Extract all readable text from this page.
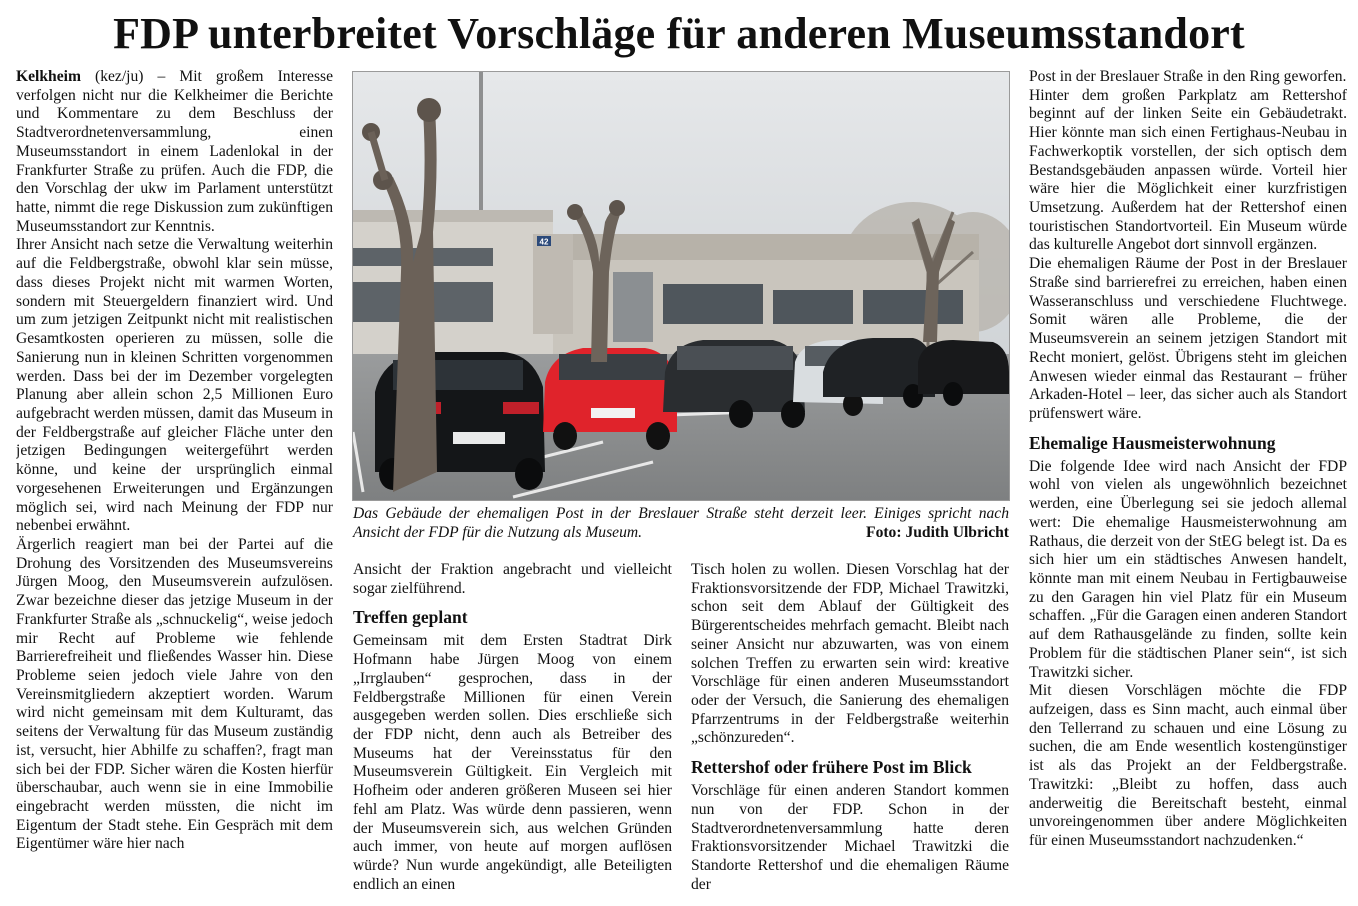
FDP unterbreitet Vorschläge für anderen Museumsstandort

Kelkheim (kez/ju) – Mit großem Interesse verfolgen nicht nur die Kelkheimer die Berichte und Kommentare zu dem Beschluss der Stadtverordnetenversammlung, einen Museumsstandort in einem Ladenlokal in der Frankfurter Straße zu prüfen. Auch die FDP, die den Vorschlag der ukw im Parlament unterstützt hatte, nimmt die rege Diskussion zum zukünftigen Museumsstandort zur Kenntnis.

Ihrer Ansicht nach setze die Verwaltung weiterhin auf die Feldbergstraße, obwohl klar sein müsse, dass dieses Projekt nicht mit warmen Worten, sondern mit Steuergeldern finanziert wird. Und um zum jetzigen Zeitpunkt nicht mit realistischen Gesamtkosten operieren zu müssen, solle die Sanierung nun in kleinen Schritten vorgenommen werden. Dass bei der im Dezember vorgelegten Planung aber allein schon 2,5 Millionen Euro aufgebracht werden müssen, damit das Museum in der Feldbergstraße auf gleicher Fläche unter den jetzigen Bedingungen weitergeführt werden könne, und keine der ursprünglich einmal vorgesehenen Erweiterungen und Ergänzungen möglich sei, wird nach Meinung der FDP nur nebenbei erwähnt.

Ärgerlich reagiert man bei der Partei auf die Drohung des Vorsitzenden des Museumsvereins Jürgen Moog, den Museumsverein aufzulösen. Zwar bezeichne dieser das jetzige Museum in der Frankfurter Straße als „schnuckelig“, weise jedoch mir Recht auf Probleme wie fehlende Barrierefreiheit und fließendes Wasser hin. Diese Probleme seien jedoch viele Jahre von den Vereinsmitgliedern akzeptiert worden. Warum wird nicht gemeinsam mit dem Kulturamt, das seitens der Verwaltung für das Museum zuständig ist, versucht, hier Abhilfe zu schaffen?, fragt man sich bei der FDP. Sicher wären die Kosten hierfür überschaubar, auch wenn sie in eine Immobilie eingebracht werden müssten, die nicht im Eigentum der Stadt stehe. Ein Gespräch mit dem Eigentümer wäre hier nach

42
Das Gebäude der ehemaligen Post in der Breslauer Straße steht derzeit leer. Einiges spricht nach Ansicht der FDP für die Nutzung als Museum.	Foto: Judith Ulbricht

Ansicht der Fraktion angebracht und vielleicht sogar zielführend.

Treffen geplant

Gemeinsam mit dem Ersten Stadtrat Dirk Hofmann habe Jürgen Moog von einem „Irrglauben“ gesprochen, dass in der Feldbergstraße Millionen für einen Verein ausgegeben werden sollen. Dies erschließe sich der FDP nicht, denn auch als Betreiber des Museums hat der Vereinsstatus für den Museumsverein Gültigkeit. Ein Vergleich mit Hofheim oder anderen größeren Museen sei hier fehl am Platz. Was würde denn passieren, wenn der Museumsverein sich, aus welchen Gründen auch immer, von heute auf morgen auflösen würde? Nun wurde angekündigt, alle Beteiligten endlich an einen

Tisch holen zu wollen. Diesen Vorschlag hat der Fraktionsvorsitzende der FDP, Michael Trawitzki, schon seit dem Ablauf der Gültigkeit des Bürgerentscheides mehrfach gemacht. Bleibt nach seiner Ansicht nur abzuwarten, was von einem solchen Treffen zu erwarten sein wird: kreative Vorschläge für einen anderen Museumsstandort oder der Versuch, die Sanierung des ehemaligen Pfarrzentrums in der Feldbergstraße weiterhin „schönzureden“.

Rettershof oder frühere Post im Blick

Vorschläge für einen anderen Standort kommen nun von der FDP. Schon in der Stadtverordnetenversammlung hatte deren Fraktionsvorsitzender Michael Trawitzki die Standorte Rettershof und die ehemaligen Räume der

Post in der Breslauer Straße in den Ring geworfen.

Hinter dem großen Parkplatz am Rettershof beginnt auf der linken Seite ein Gebäudetrakt. Hier könnte man sich einen Fertighaus-Neubau in Fachwerkoptik vorstellen, der sich optisch dem Bestandsgebäuden anpassen würde. Vorteil hier wäre hier die Möglichkeit einer kurzfristigen Umsetzung. Außerdem hat der Rettershof einen touristischen Standortvorteil. Ein Museum würde das kulturelle Angebot dort sinnvoll ergänzen.

Die ehemaligen Räume der Post in der Breslauer Straße sind barrierefrei zu erreichen, haben einen Wasseranschluss und verschiedene Fluchtwege. Somit wären alle Probleme, die der Museumsverein an seinem jetzigen Standort mit Recht moniert, gelöst. Übrigens steht im gleichen Anwesen wieder einmal das Restaurant – früher Arkaden-Hotel – leer, das sicher auch als Standort prüfenswert wäre.

Ehemalige Hausmeisterwohnung

Die folgende Idee wird nach Ansicht der FDP wohl von vielen als ungewöhnlich bezeichnet werden, eine Überlegung sei sie jedoch allemal wert: Die ehemalige Hausmeisterwohnung am Rathaus, die derzeit von der StEG belegt ist. Da es sich hier um ein städtisches Anwesen handelt, könnte man mit einem Neubau in Fertigbauweise zu den Garagen hin viel Platz für ein Museum schaffen. „Für die Garagen einen anderen Standort auf dem Rathausgelände zu finden, sollte kein Problem für die städtischen Planer sein“, ist sich Trawitzki sicher.

Mit diesen Vorschlägen möchte die FDP aufzeigen, dass es Sinn macht, auch einmal über den Tellerrand zu schauen und eine Lösung zu suchen, die am Ende wesentlich kostengünstiger ist als das Projekt an der Feldbergstraße. Trawitzki: „Bleibt zu hoffen, dass auch anderweitig die Bereitschaft besteht, einmal unvoreingenommen über andere Möglichkeiten für einen Museumsstandort nachzudenken.“
